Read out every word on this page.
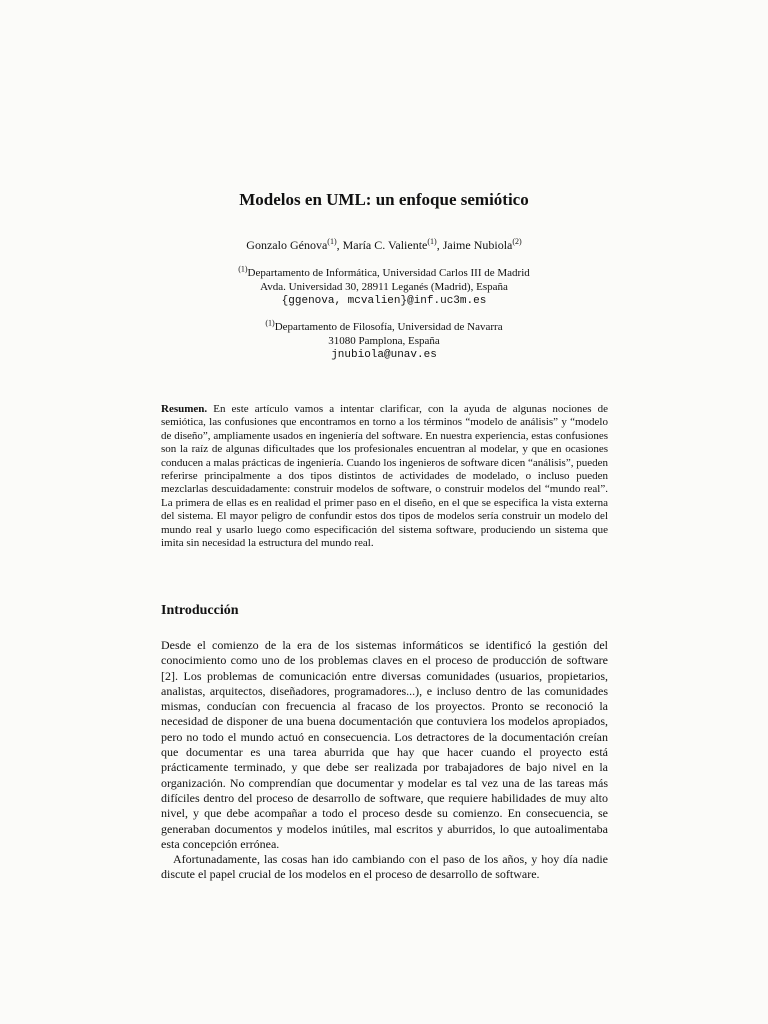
Modelos en UML: un enfoque semiótico
Gonzalo Génova$^{(1)}$, María C. Valiente$^{(1)}$, Jaime Nubiola$^{(2)}$
$^{(1)}$Departamento de Informática, Universidad Carlos III de Madrid
Avda. Universidad 30, 28911 Leganés (Madrid), España
{ggenova, mcvalien}@inf.uc3m.es
$^{(1)}$Departamento de Filosofía, Universidad de Navarra
31080 Pamplona, España
jnubiola@unav.es
Resumen. En este artículo vamos a intentar clarificar, con la ayuda de algunas nociones de semiótica, las confusiones que encontramos en torno a los términos “modelo de análisis” y “modelo de diseño”, ampliamente usados en ingeniería del software. En nuestra experiencia, estas confusiones son la raíz de algunas dificultades que los profesionales encuentran al modelar, y que en ocasiones conducen a malas prácticas de ingeniería. Cuando los ingenieros de software dicen “análisis”, pueden referirse principalmente a dos tipos distintos de actividades de modelado, o incluso pueden mezclarlas descuidadamente: construir modelos de software, o construir modelos del “mundo real”. La primera de ellas es en realidad el primer paso en el diseño, en el que se especifica la vista externa del sistema. El mayor peligro de confundir estos dos tipos de modelos sería construir un modelo del mundo real y usarlo luego como especificación del sistema software, produciendo un sistema que imita sin necesidad la estructura del mundo real.
Introducción

Desde el comienzo de la era de los sistemas informáticos se identificó la gestión del conocimiento como uno de los problemas claves en el proceso de producción de software [2]. Los problemas de comunicación entre diversas comunidades (usuarios, propietarios, analistas, arquitectos, diseñadores, programadores...), e incluso dentro de las comunidades mismas, conducían con frecuencia al fracaso de los proyectos. Pronto se reconoció la necesidad de disponer de una buena documentación que contuviera los modelos apropiados, pero no todo el mundo actuó en consecuencia. Los detractores de la documentación creían que documentar es una tarea aburrida que hay que hacer cuando el proyecto está prácticamente terminado, y que debe ser realizada por trabajadores de bajo nivel en la organización. No comprendían que documentar y modelar es tal vez una de las tareas más difíciles dentro del proceso de desarrollo de software, que requiere habilidades de muy alto nivel, y que debe acompañar a todo el proceso desde su comienzo. En consecuencia, se generaban documentos y modelos inútiles, mal escritos y aburridos, lo que autoalimentaba esta concepción errónea.

Afortunadamente, las cosas han ido cambiando con el paso de los años, y hoy día nadie discute el papel crucial de los modelos en el proceso de desarrollo de software.
